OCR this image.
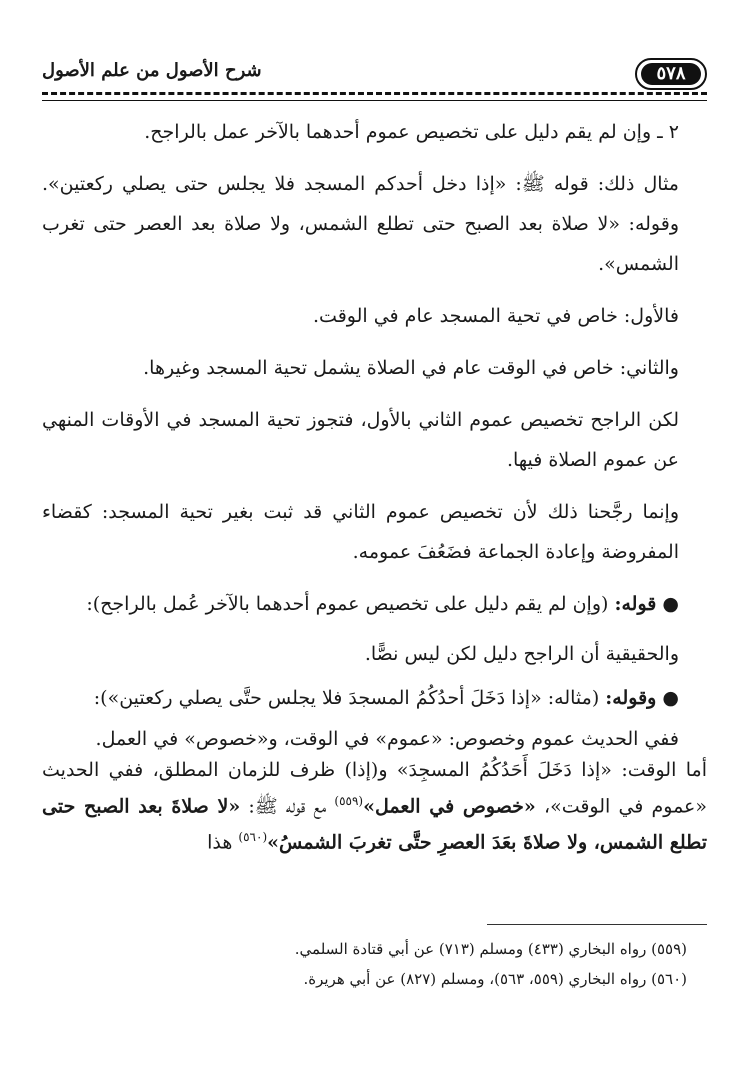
٥٧٨
شرح الأصول من علم الأصول

٢ ـ وإن لم يقم دليل على تخصيص عموم أحدهما بالآخر عمل بالراجح.

مثال ذلك: قوله ﷺ: «إذا دخل أحدكم المسجد فلا يجلس حتى يصلي ركعتين». وقوله: «لا صلاة بعد الصبح حتى تطلع الشمس، ولا صلاة بعد العصر حتى تغرب الشمس».

فالأول: خاص في تحية المسجد عام في الوقت.

والثاني: خاص في الوقت عام في الصلاة يشمل تحية المسجد وغيرها.

لكن الراجح تخصيص عموم الثاني بالأول، فتجوز تحية المسجد في الأوقات المنهي عن عموم الصلاة فيها.

وإنما رجَّحنا ذلك لأن تخصيص عموم الثاني قد ثبت بغير تحية المسجد: كقضاء المفروضة وإعادة الجماعة فضَعُفَ عمومه.

● قوله: (وإن لم يقم دليل على تخصيص عموم أحدهما بالآخر عُمل بالراجح):

والحقيقية أن الراجح دليل لكن ليس نصًّا.

● وقوله: (مثاله: «إذا دَخَلَ أحدُكُمُ المسجدَ فلا يجلس حتَّى يصلي ركعتين»):

ففي الحديث عموم وخصوص: «عموم» في الوقت، و«خصوص» في العمل.

أما الوقت: «إذا دَخَلَ أَحَدُكُمُ المسجِدَ» و(إذا) ظرف للزمان المطلق، ففي الحديث «عموم في الوقت»، «خصوص في العمل»$^{(٥٥٩)}$ مع قوله ﷺ: «لا صلاةَ بعد الصبح حتى تطلع الشمس، ولا صلاةَ بعَدَ العصرِ حتَّى تغربَ الشمسُ»$^{(٥٦٠)}$ هذا

(٥٥٩) رواه البخاري (٤٣٣) ومسلم (٧١٣) عن أبي قتادة السلمي.

(٥٦٠) رواه البخاري (٥٥٩، ٥٦٣)، ومسلم (٨٢٧) عن أبي هريرة.
